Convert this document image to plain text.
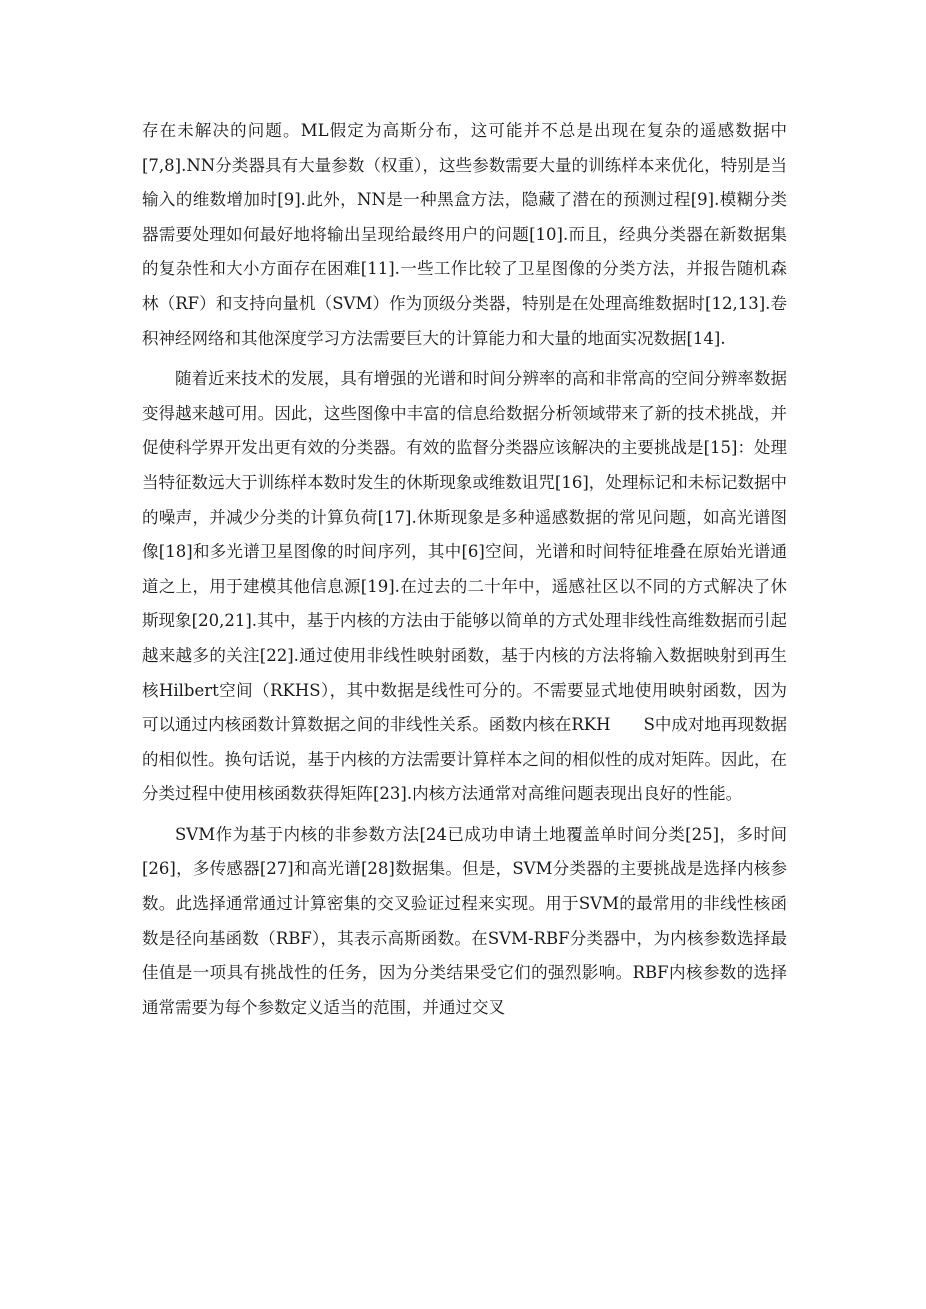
存在未解决的问题。ML假定为高斯分布，这可能并不总是出现在复杂的遥感数据中[7,8].NN分类器具有大量参数（权重），这些参数需要大量的训练样本来优化，特别是当输入的维数增加时[9].此外，NN是一种黑盒方法，隐藏了潜在的预测过程[9].模糊分类器需要处理如何最好地将输出呈现给最终用户的问题[10].而且，经典分类器在新数据集的复杂性和大小方面存在困难[11].一些工作比较了卫星图像的分类方法，并报告随机森林（RF）和支持向量机（SVM）作为顶级分类器，特别是在处理高维数据时[12,13].卷积神经网络和其他深度学习方法需要巨大的计算能力和大量的地面实况数据[14].

随着近来技术的发展，具有增强的光谱和时间分辨率的高和非常高的空间分辨率数据变得越来越可用。因此，这些图像中丰富的信息给数据分析领域带来了新的技术挑战，并促使科学界开发出更有效的分类器。有效的监督分类器应该解决的主要挑战是[15]：处理当特征数远大于训练样本数时发生的休斯现象或维数诅咒[16]，处理标记和未标记数据中的噪声，并减少分类的计算负荷[17].休斯现象是多种遥感数据的常见问题，如高光谱图像[18]和多光谱卫星图像的时间序列，其中[6]空间，光谱和时间特征堆叠在原始光谱通道之上，用于建模其他信息源[19].在过去的二十年中，遥感社区以不同的方式解决了休斯现象[20,21].其中，基于内核的方法由于能够以简单的方式处理非线性高维数据而引起越来越多的关注[22].通过使用非线性映射函数，基于内核的方法将输入数据映射到再生核Hilbert空间（RKHS），其中数据是线性可分的。不需要显式地使用映射函数，因为可以通过内核函数计算数据之间的非线性关系。函数内核在RKH　　S中成对地再现数据的相似性。换句话说，基于内核的方法需要计算样本之间的相似性的成对矩阵。因此，在分类过程中使用核函数获得矩阵[23].内核方法通常对高维问题表现出良好的性能。

SVM作为基于内核的非参数方法[24已成功申请土地覆盖单时间分类[25]，多时间[26]，多传感器[27]和高光谱[28]数据集。但是，SVM分类器的主要挑战是选择内核参数。此选择通常通过计算密集的交叉验证过程来实现。用于SVM的最常用的非线性核函数是径向基函数（RBF），其表示高斯函数。在SVM-RBF分类器中，为内核参数选择最佳值是一项具有挑战性的任务，因为分类结果受它们的强烈影响。RBF内核参数的选择通常需要为每个参数定义适当的范围，并通过交叉
